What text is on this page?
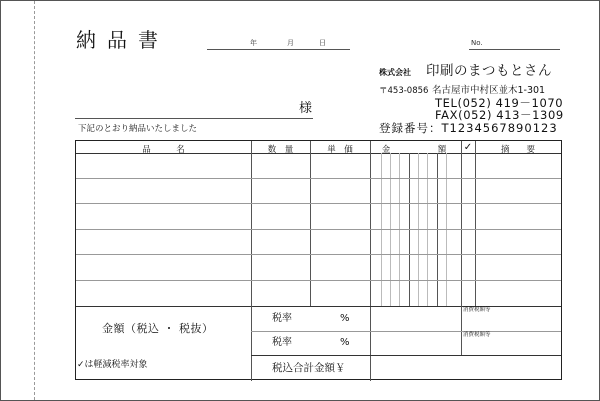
納品書	年	月	日	No.
株式会社 印刷のまつもとさん
〒453-0856 名古屋市中村区並木1-301
TEL(052) 419－1070
FAX(052) 413－1309
登録番号：T1234567890123
様
下記のとおり納品いたしました
品　　　名	数　量	単　価	金	額	✓	摘　　要
金額（税込 ・ 税抜）
税率	%
税率	%
消費税額等
消費税額等
税込合計金額￥
✓は軽減税率対象
